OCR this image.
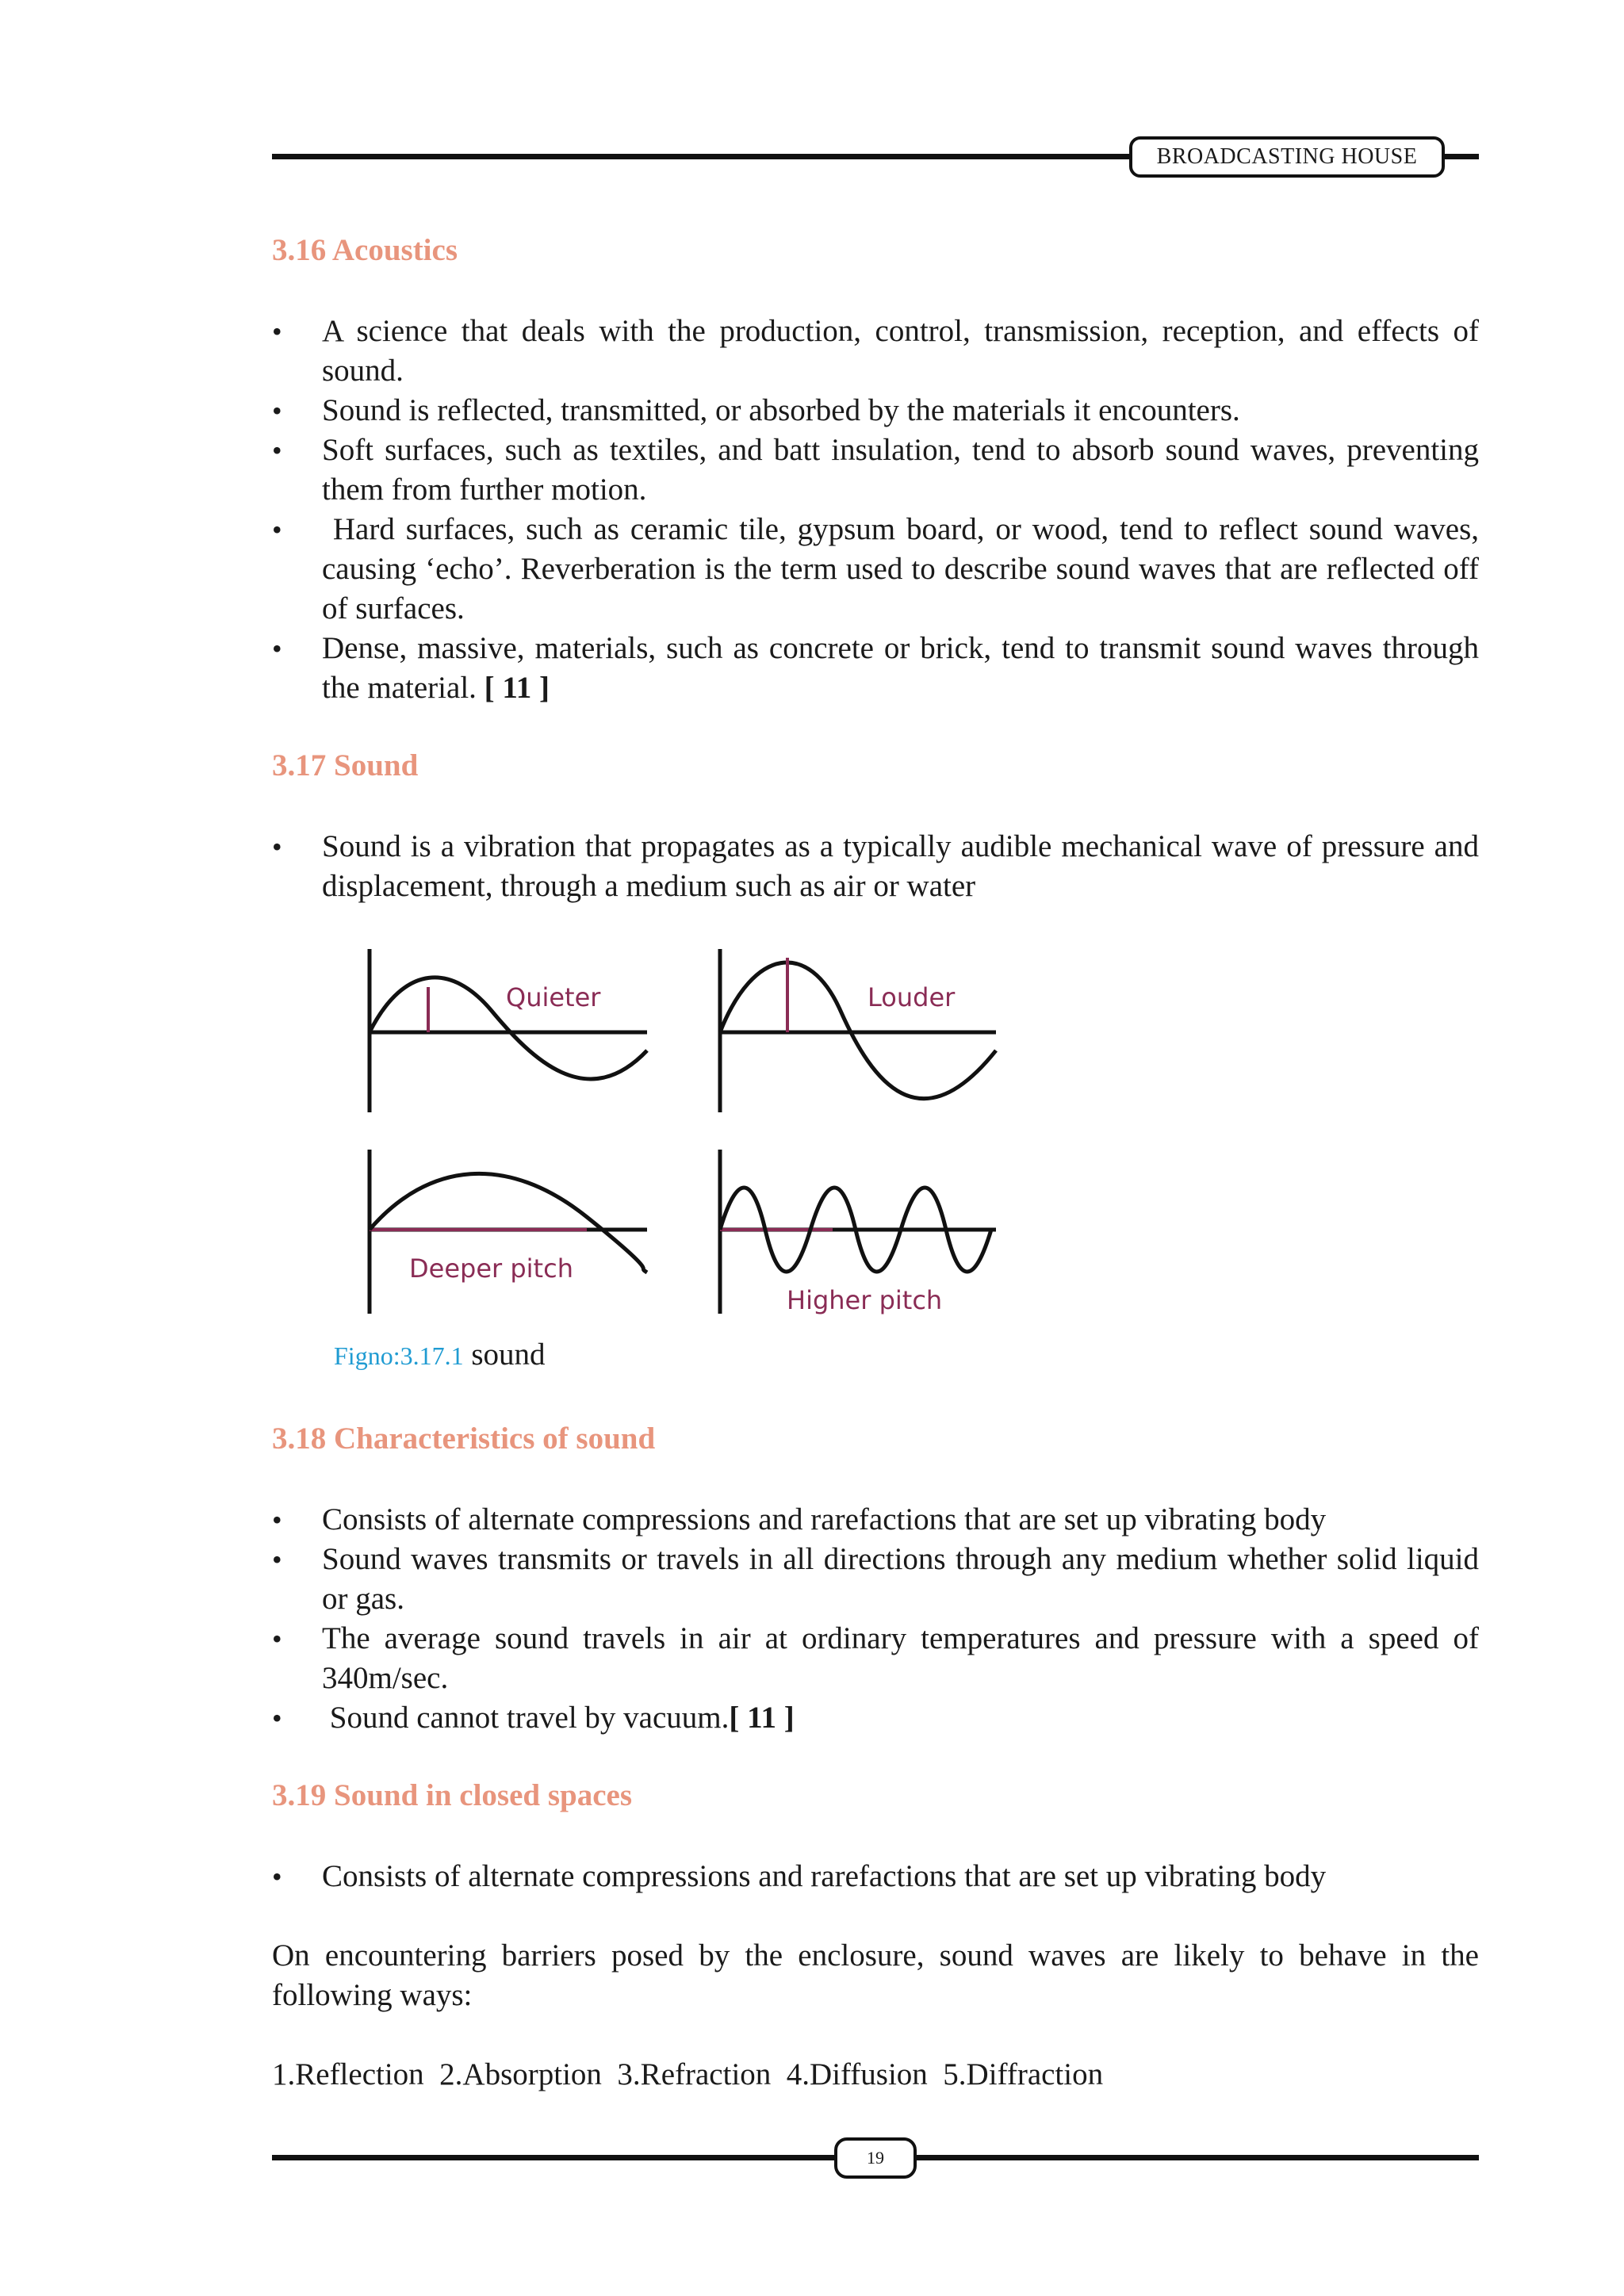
BROADCASTING HOUSE
3.16 Acoustics
• A science that deals with the production, control, transmission, reception, and effects of sound.
• Sound is reflected, transmitted, or absorbed by the materials it encounters.
• Soft surfaces, such as textiles, and batt insulation, tend to absorb sound waves, preventing them from further motion.
•  Hard surfaces, such as ceramic tile, gypsum board, or wood, tend to reflect sound waves, causing ‘echo’. Reverberation is the term used to describe sound waves that are reflected off of surfaces.
• Dense, massive, materials, such as concrete or brick, tend to transmit sound waves through the material. [ 11 ]
3.17 Sound
• Sound is a vibration that propagates as a typically audible mechanical wave of pressure and displacement, through a medium such as air or water
Quieter	Louder
Deeper pitch
Higher pitch
Figno:3.17.1 sound
3.18 Characteristics of sound
• Consists of alternate compressions and rarefactions that are set up vibrating body
• Sound waves transmits or travels in all directions through any medium whether solid liquid or gas.
• The average sound travels in air at ordinary temperatures and pressure with a speed of 340m/sec.
•  Sound cannot travel by vacuum.[ 11 ]
3.19 Sound in closed spaces
• Consists of alternate compressions and rarefactions that are set up vibrating body

On encountering barriers posed by the enclosure, sound waves are likely to behave in the following ways:

1.Reflection  2.Absorption  3.Refraction  4.Diffusion  5.Diffraction

19
